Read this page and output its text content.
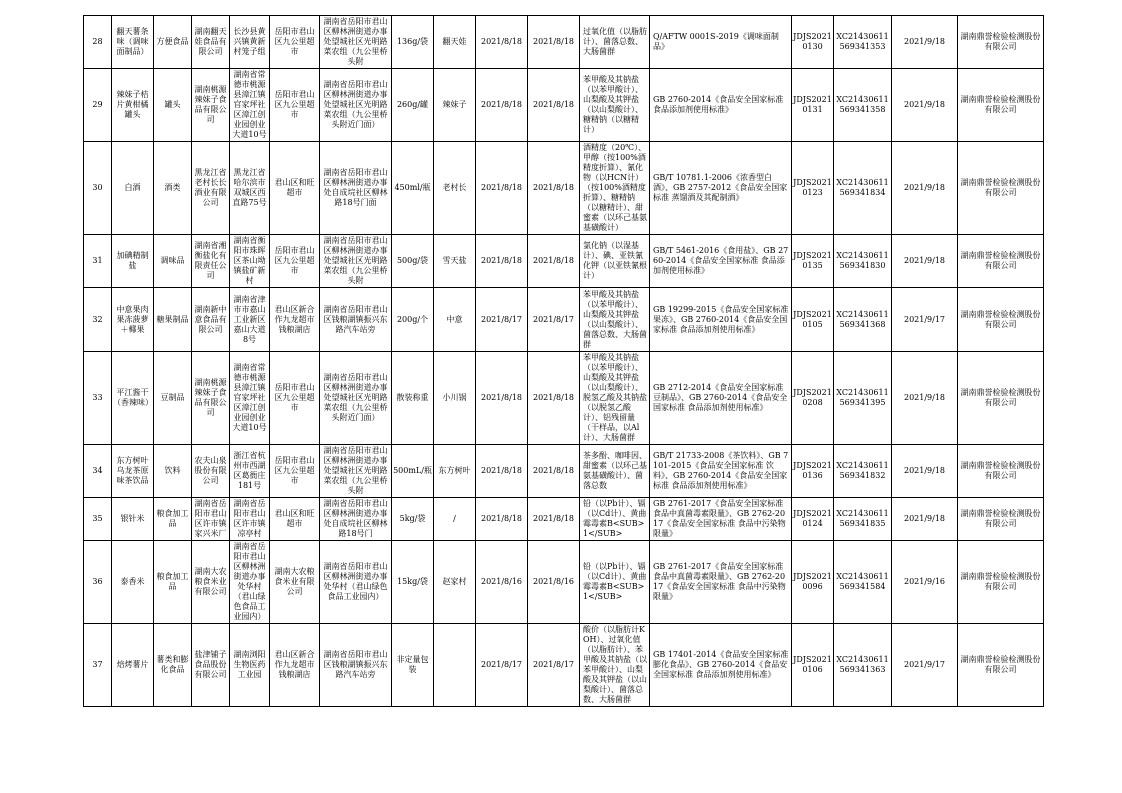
28	翻天薯条味（调味面制品）	方便食品	湖南翻天娃食品有限公司	长沙县黄兴镇黄新村笼子组	岳阳市君山区九公里超市	湖南省岳阳市君山区柳林洲街道办事处望城社区光明路菜农组（九公里桥头附	136g/袋	翻天娃	2021/8/18	2021/8/18	过氧化值（以脂肪计）、菌落总数、大肠菌群	Q/AFTW 0001S-2019《调味面制品》	JDJS20210130	XC21430611569341353	2021/9/18	湖南鼎誉检验检测股份有限公司
29	辣妹子桔片黄柑橘罐头	罐头	湖南桃源辣妹子食品有限公司	湖南省常德市桃源县漳江镇官家坪社区漳江创业园创业大道10号	岳阳市君山区九公里超市	湖南省岳阳市君山区柳林洲街道办事处望城社区光明路菜农组（九公里桥头附近门面）	260g/罐	辣妹子	2021/8/18	2021/8/18	苯甲酸及其钠盐（以苯甲酸计）、山梨酸及其钾盐（以山梨酸计）、糖精钠（以糖精计）	GB 2760-2014《食品安全国家标准 食品添加剂使用标准》	JDJS20210131	XC21430611569341358	2021/9/18	湖南鼎誉检验检测股份有限公司
30	白酒	酒类	黑龙江省老村长长酒业有限公司	黑龙江省哈尔滨市双城区西直路75号	君山区和旺超市	湖南省岳阳市君山区柳林洲街道办事处自成垸社区柳林路18号门面	450ml/瓶	老村长	2021/8/18	2021/8/18	酒精度（20℃）、甲醇（按100%酒精度折算）、氰化物（以HCN计）（按100%酒精度折算）、糖精钠（以糖精计）、甜蜜素（以环己基氨基磺酸计）	GB/T 10781.1-2006《浓香型白酒》、GB 2757-2012《食品安全国家标准 蒸馏酒及其配制酒》	JDJS20210123	XC21430611569341834	2021/9/18	湖南鼎誉检验检测股份有限公司
31	加碘精制盐	调味品	湖南省湘衡盐化有限责任公司	湖南省衡阳市珠晖区茶山坳镇盐矿新村	岳阳市君山区九公里超市	湖南省岳阳市君山区柳林洲街道办事处望城社区光明路菜农组（九公里桥头附	500g/袋	雪天盐	2021/8/18	2021/8/18	氯化钠（以湿基计）、碘、亚铁氰化钾（以亚铁氰根计）	GB/T 5461-2016《食用盐》、GB 2760-2014《食品安全国家标准 食品添加剂使用标准》	JDJS20210135	XC21430611569341830	2021/9/18	湖南鼎誉检验检测股份有限公司
32	中意果肉果冻菠萝＋椰果	糖果制品	湖南新中意食品有限公司	湖南省津市市嘉山工业新区嘉山大道8号	君山区新合作九龙超市钱粮湖店	湖南省岳阳市君山区钱粮湖镇振兴东路汽车站旁	200g/个	中意	2021/8/17	2021/8/17	苯甲酸及其钠盐（以苯甲酸计）、山梨酸及其钾盐（以山梨酸计）、菌落总数、大肠菌群	GB 19299-2015《食品安全国家标准 果冻》、GB 2760-2014《食品安全国家标准 食品添加剂使用标准》	JDJS20210105	XC21430611569341368	2021/9/17	湖南鼎誉检验检测股份有限公司
33	平江酱干（香辣味）	豆制品	湖南桃源辣妹子食品有限公司	湖南省常德市桃源县漳江镇官家坪社区漳江创业园创业大道10号	岳阳市君山区九公里超市	湖南省岳阳市君山区柳林洲街道办事处望城社区光明路菜农组（九公里桥头附近门面）	散装称重	小川锅	2021/8/18	2021/8/18	苯甲酸及其钠盐（以苯甲酸计）、山梨酸及其钾盐（以山梨酸计）、脱氢乙酸及其钠盐（以脱氢乙酸计）、铝残留量（干样品，以Al计）、大肠菌群	GB 2712-2014《食品安全国家标准 豆制品》、GB 2760-2014《食品安全国家标准 食品添加剂使用标准》	JDJS20210208	XC21430611569341395	2021/9/18	湖南鼎誉检验检测股份有限公司
34	东方树叶乌龙茶原味茶饮品	饮料	农夫山泉股份有限公司	浙江省杭州市西湖区葛衙庄181号	岳阳市君山区九公里超市	湖南省岳阳市君山区柳林洲街道办事处望城社区光明路菜农组（九公里桥头附	500mL/瓶	东方树叶	2021/8/18	2021/8/18	茶多酚、咖啡因、甜蜜素（以环己基氨基磺酸计）、菌落总数	GB/T 21733-2008《茶饮料》、GB 7101-2015《食品安全国家标准 饮料》、GB 2760-2014《食品安全国家标准 食品添加剂使用标准》	JDJS20210136	XC21430611569341832	2021/9/18	湖南鼎誉检验检测股份有限公司
35	银针米	粮食加工品	湖南省岳阳市君山区许市镇家兴米厂	湖南省岳阳市君山区许市镇凉亭村	君山区和旺超市	湖南省岳阳市君山区柳林洲街道办事处自成垸社区柳林路18号门	5kg/袋	/	2021/8/18	2021/8/18	铅（以Pb计）、镉（以Cd计）、黄曲霉毒素B<SUB>1</SUB>	GB 2761-2017《食品安全国家标准 食品中真菌毒素限量》、GB 2762-2017《食品安全国家标准 食品中污染物限量》	JDJS20210124	XC21430611569341835	2021/9/18	湖南鼎誉检验检测股份有限公司
36	泰香米	粮食加工品	湖南大农粮食米业有限公司	湖南省岳阳市君山区柳林洲街道办事处华村（君山绿色食品工业园内）	湖南大农粮食米业有限公司	湖南省岳阳市君山区柳林洲街道办事处华村（君山绿色食品工业园内）	15kg/袋	赵家村	2021/8/16	2021/8/16	铅（以Pb计）、镉（以Cd计）、黄曲霉毒素B<SUB>1</SUB>	GB 2761-2017《食品安全国家标准 食品中真菌毒素限量》、GB 2762-2017《食品安全国家标准 食品中污染物限量》	JDJS20210096	XC21430611569341584	2021/9/16	湖南鼎誉检验检测股份有限公司
37	焙烤薯片	薯类和膨化食品	盐津铺子食品股份有限公司	湖南浏阳生物医药工业园	君山区新合作九龙超市钱粮湖店	湖南省岳阳市君山区钱粮湖镇振兴东路汽车站旁	非定量包装		2021/8/17	2021/8/17	酸价（以脂肪计KOH）、过氧化值（以脂肪计）、苯甲酸及其钠盐（以苯甲酸计）、山梨酸及其钾盐（以山梨酸计）、菌落总数、大肠菌群	GB 17401-2014《食品安全国家标准 膨化食品》、GB 2760-2014《食品安全国家标准 食品添加剂使用标准》	JDJS20210106	XC21430611569341363	2021/9/17	湖南鼎誉检验检测股份有限公司
